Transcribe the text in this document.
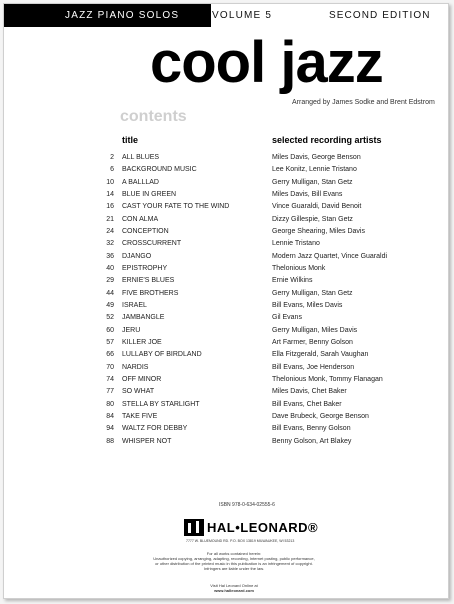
JAZZ PIANO SOLOS	VOLUME 5	SECOND EDITION
cool jazz
Arranged by James Sodke and Brent Edstrom
contents
title	selected recording artists
2 ALL BLUES	Miles Davis, George Benson
6 BACKGROUND MUSIC	Lee Konitz, Lennie Tristano
10 A BALLLAD	Gerry Mulligan, Stan Getz
14 BLUE IN GREEN	Miles Davis, Bill Evans
16 CAST YOUR FATE TO THE WIND	Vince Guaraldi, David Benoit
21 CON ALMA	Dizzy Gillespie, Stan Getz
24 CONCEPTION	George Shearing, Miles Davis
32 CROSSCURRENT	Lennie Tristano
36 DJANGO	Modern Jazz Quartet, Vince Guaraldi
40 EPISTROPHY	Thelonious Monk
29 ERNIE'S BLUES	Ernie Wilkins
44 FIVE BROTHERS	Gerry Mulligan, Stan Getz
49 ISRAEL	Bill Evans, Miles Davis
52 JAMBANGLE	Gil Evans
60 JERU	Gerry Mulligan, Miles Davis
57 KILLER JOE	Art Farmer, Benny Golson
66 LULLABY OF BIRDLAND	Ella Fitzgerald, Sarah Vaughan
70 NARDIS	Bill Evans, Joe Henderson
74 OFF MINOR	Thelonious Monk, Tommy Flanagan
77 SO WHAT	Miles Davis, Chet Baker
80 STELLA BY STARLIGHT	Bill Evans, Chet Baker
84 TAKE FIVE	Dave Brubeck, George Benson
94 WALTZ FOR DEBBY	Bill Evans, Benny Golson
88 WHISPER NOT	Benny Golson, Art Blakey
ISBN 978-0-634-02555-6
HAL•LEONARD®
7777 W. BLUEMOUND RD. P.O. BOX 13819 MILWAUKEE, WI 53213
For all works contained herein:
Unauthorized copying, arranging, adapting, recording, Internet posting, public performance,
or other distribution of the printed music in this publication is an infringement of copyright.
Infringers are liable under the law.
Visit Hal Leonard Online at
www.halleonard.com
